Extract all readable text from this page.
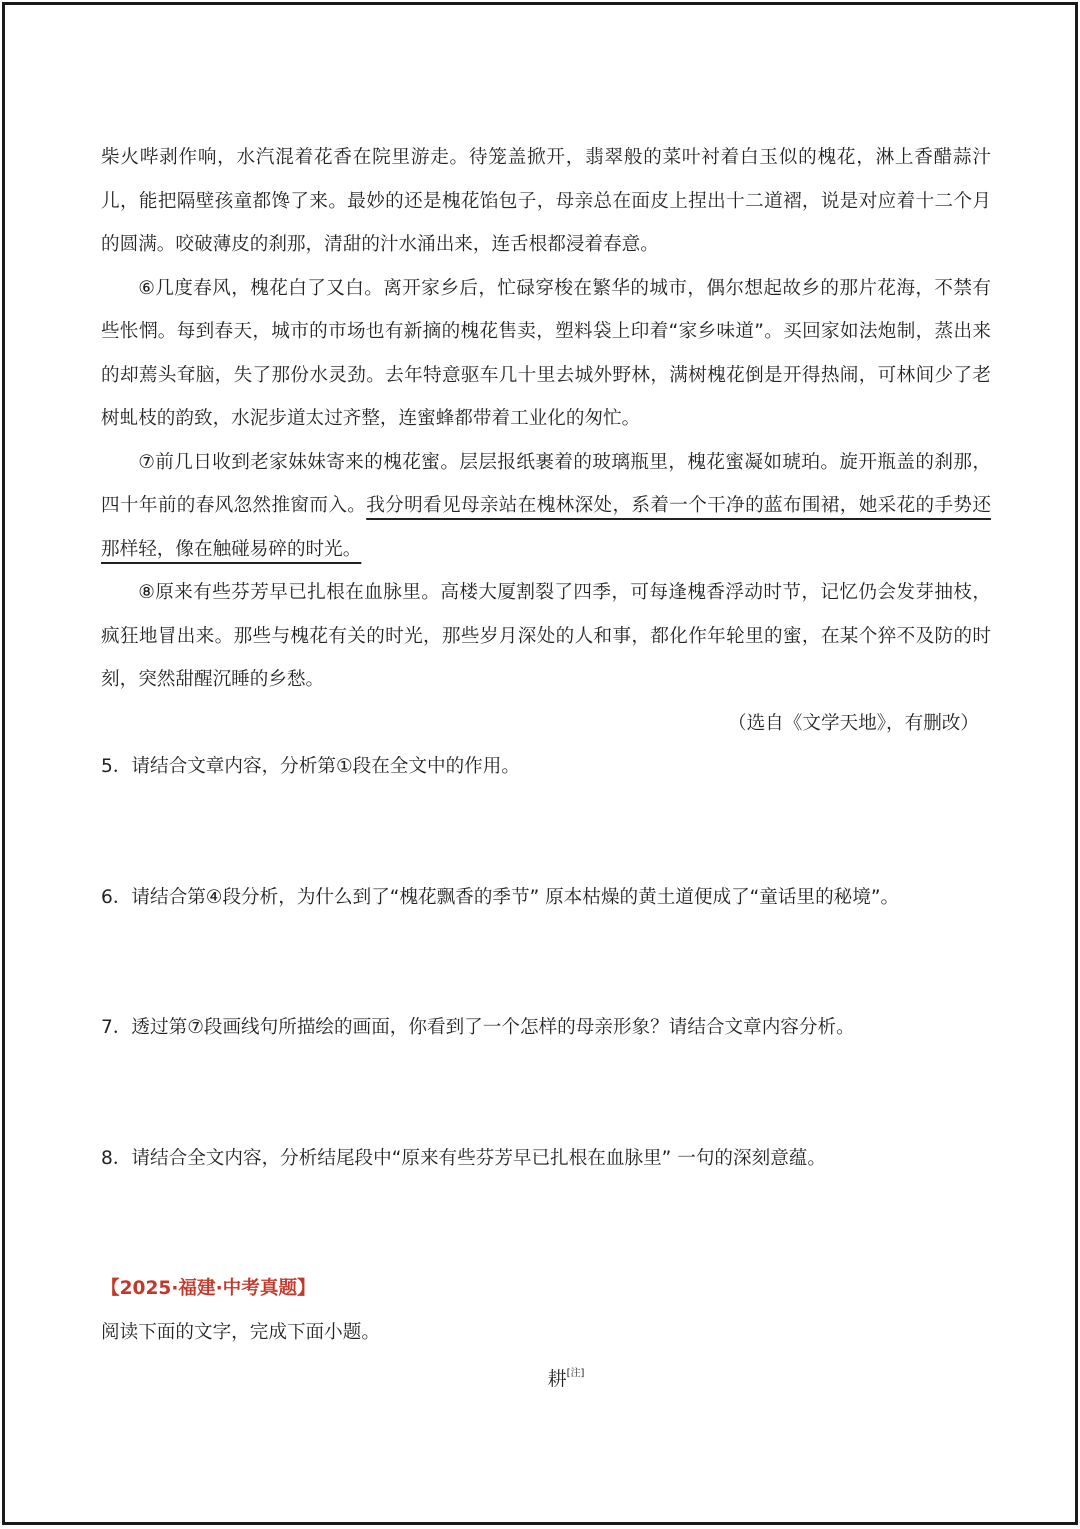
柴火哔剥作响，水汽混着花香在院里游走。待笼盖掀开，翡翠般的菜叶衬着白玉似的槐花，淋上香醋蒜汁儿，能把隔壁孩童都馋了来。最妙的还是槐花馅包子，母亲总在面皮上捏出十二道褶，说是对应着十二个月的圆满。咬破薄皮的刹那，清甜的汁水涌出来，连舌根都浸着春意。

⑥几度春风，槐花白了又白。离开家乡后，忙碌穿梭在繁华的城市，偶尔想起故乡的那片花海，不禁有些怅惘。每到春天，城市的市场也有新摘的槐花售卖，塑料袋上印着“家乡味道”。买回家如法炮制，蒸出来的却蔫头耷脑，失了那份水灵劲。去年特意驱车几十里去城外野林，满树槐花倒是开得热闹，可林间少了老树虬枝的韵致，水泥步道太过齐整，连蜜蜂都带着工业化的匆忙。

⑦前几日收到老家妹妹寄来的槐花蜜。层层报纸裹着的玻璃瓶里，槐花蜜凝如琥珀。旋开瓶盖的刹那，四十年前的春风忽然推窗而入。我分明看见母亲站在槐林深处，系着一个干净的蓝布围裙，她采花的手势还那样轻，像在触碰易碎的时光。

⑧原来有些芬芳早已扎根在血脉里。高楼大厦割裂了四季，可每逢槐香浮动时节，记忆仍会发芽抽枝，疯狂地冒出来。那些与槐花有关的时光，那些岁月深处的人和事，都化作年轮里的蜜，在某个猝不及防的时刻，突然甜醒沉睡的乡愁。

（选自《文学天地》，有删改）

5．请结合文章内容，分析第①段在全文中的作用。

6．请结合第④段分析，为什么到了“槐花飘香的季节” 原本枯燥的黄土道便成了“童话里的秘境”。

7．透过第⑦段画线句所描绘的画面，你看到了一个怎样的母亲形象？请结合文章内容分析。

8．请结合全文内容，分析结尾段中“原来有些芬芳早已扎根在血脉里” 一句的深刻意蕴。

【2025·福建·中考真题】

阅读下面的文字，完成下面小题。

耕[注]
